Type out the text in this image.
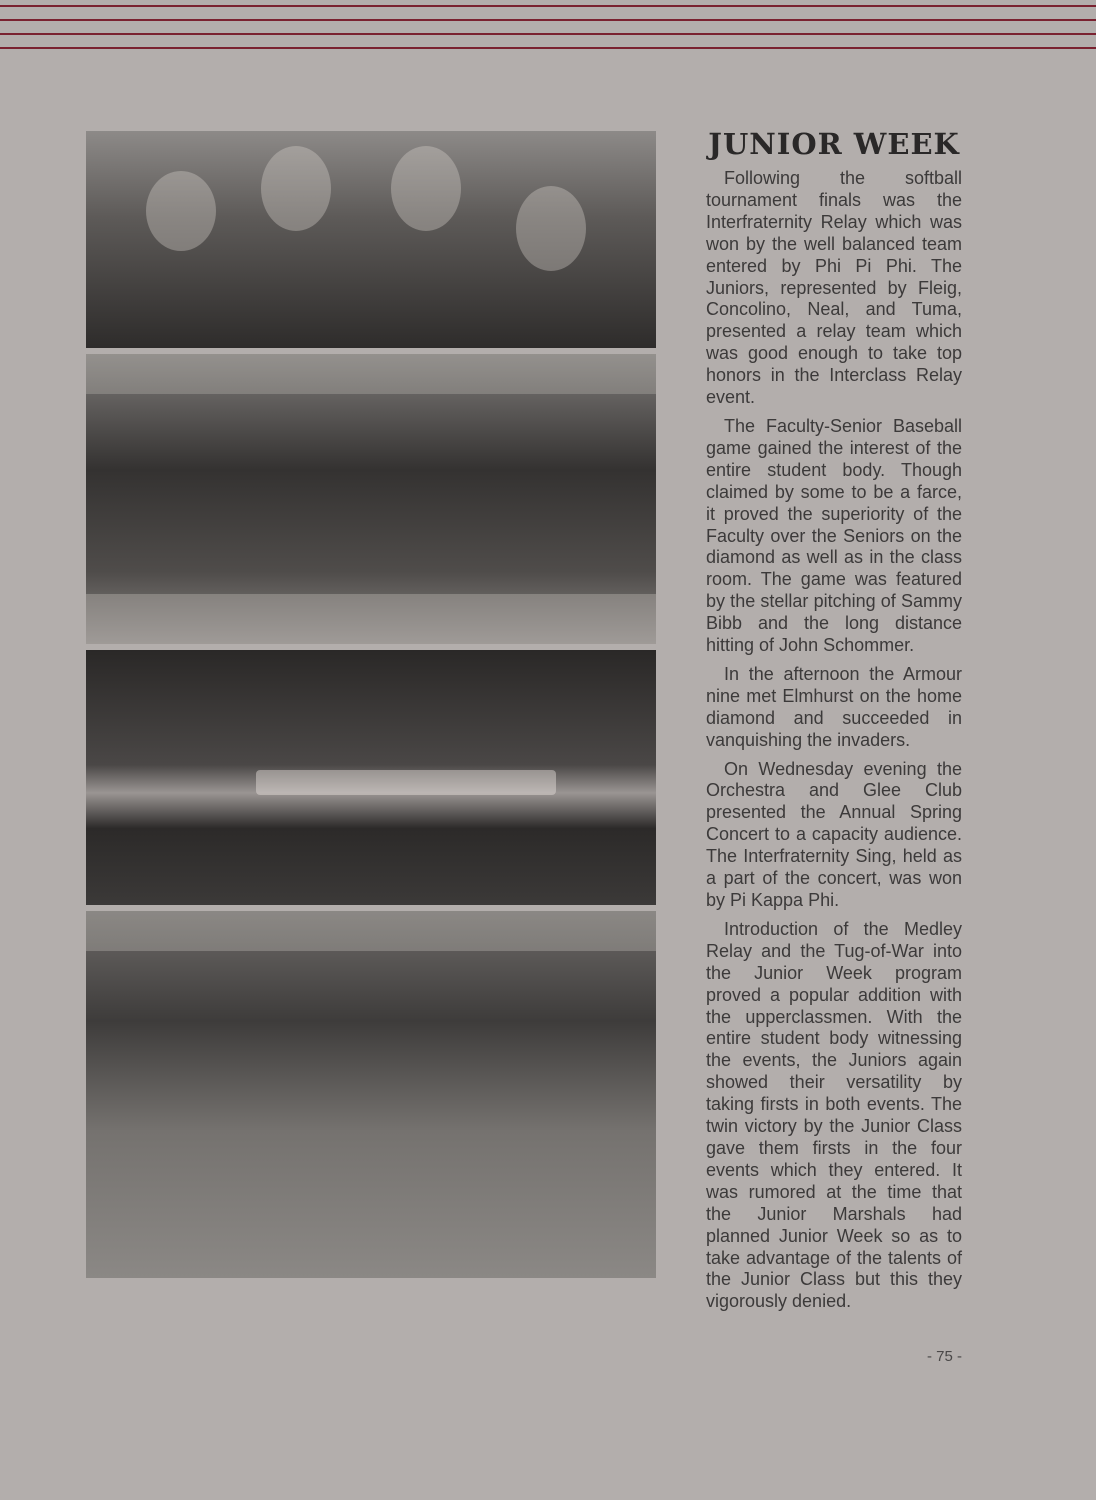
JUNIOR WEEK

Following the softball tournament finals was the Interfraternity Relay which was won by the well balanced team entered by Phi Pi Phi. The Juniors, represented by Fleig, Concolino, Neal, and Tuma, presented a relay team which was good enough to take top honors in the Interclass Relay event.

The Faculty-Senior Baseball game gained the interest of the entire student body. Though claimed by some to be a farce, it proved the superiority of the Faculty over the Seniors on the diamond as well as in the class room. The game was featured by the stellar pitching of Sammy Bibb and the long distance hitting of John Schommer.

In the afternoon the Armour nine met Elmhurst on the home diamond and succeeded in vanquishing the invaders.

On Wednesday evening the Orchestra and Glee Club presented the Annual Spring Concert to a capacity audience. The Interfraternity Sing, held as a part of the concert, was won by Pi Kappa Phi.

Introduction of the Medley Relay and the Tug-of-War into the Junior Week program proved a popular addition with the upperclassmen. With the entire student body witnessing the events, the Juniors again showed their versatility by taking firsts in both events. The twin victory by the Junior Class gave them firsts in the four events which they entered. It was rumored at the time that the Junior Marshals had planned Junior Week so as to take advantage of the talents of the Junior Class but this they vigorously denied.

- 75 -
